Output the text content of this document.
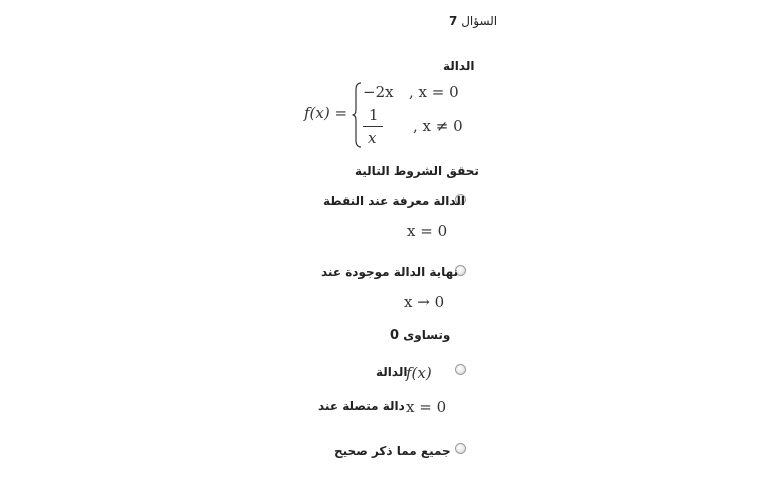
السؤال 7
الدالة
f(x) =
−2x , x = 0
1
x
, x ≠ 0
تحقق الشروط التالية
الدالة معرفة عند النقطة
x = 0
نهاية الدالة موجودة عند
x → 0
وتساوى 0
الدالة
f(x)
دالة متصلة عند x = 0
جميع مما ذكر صحيح
